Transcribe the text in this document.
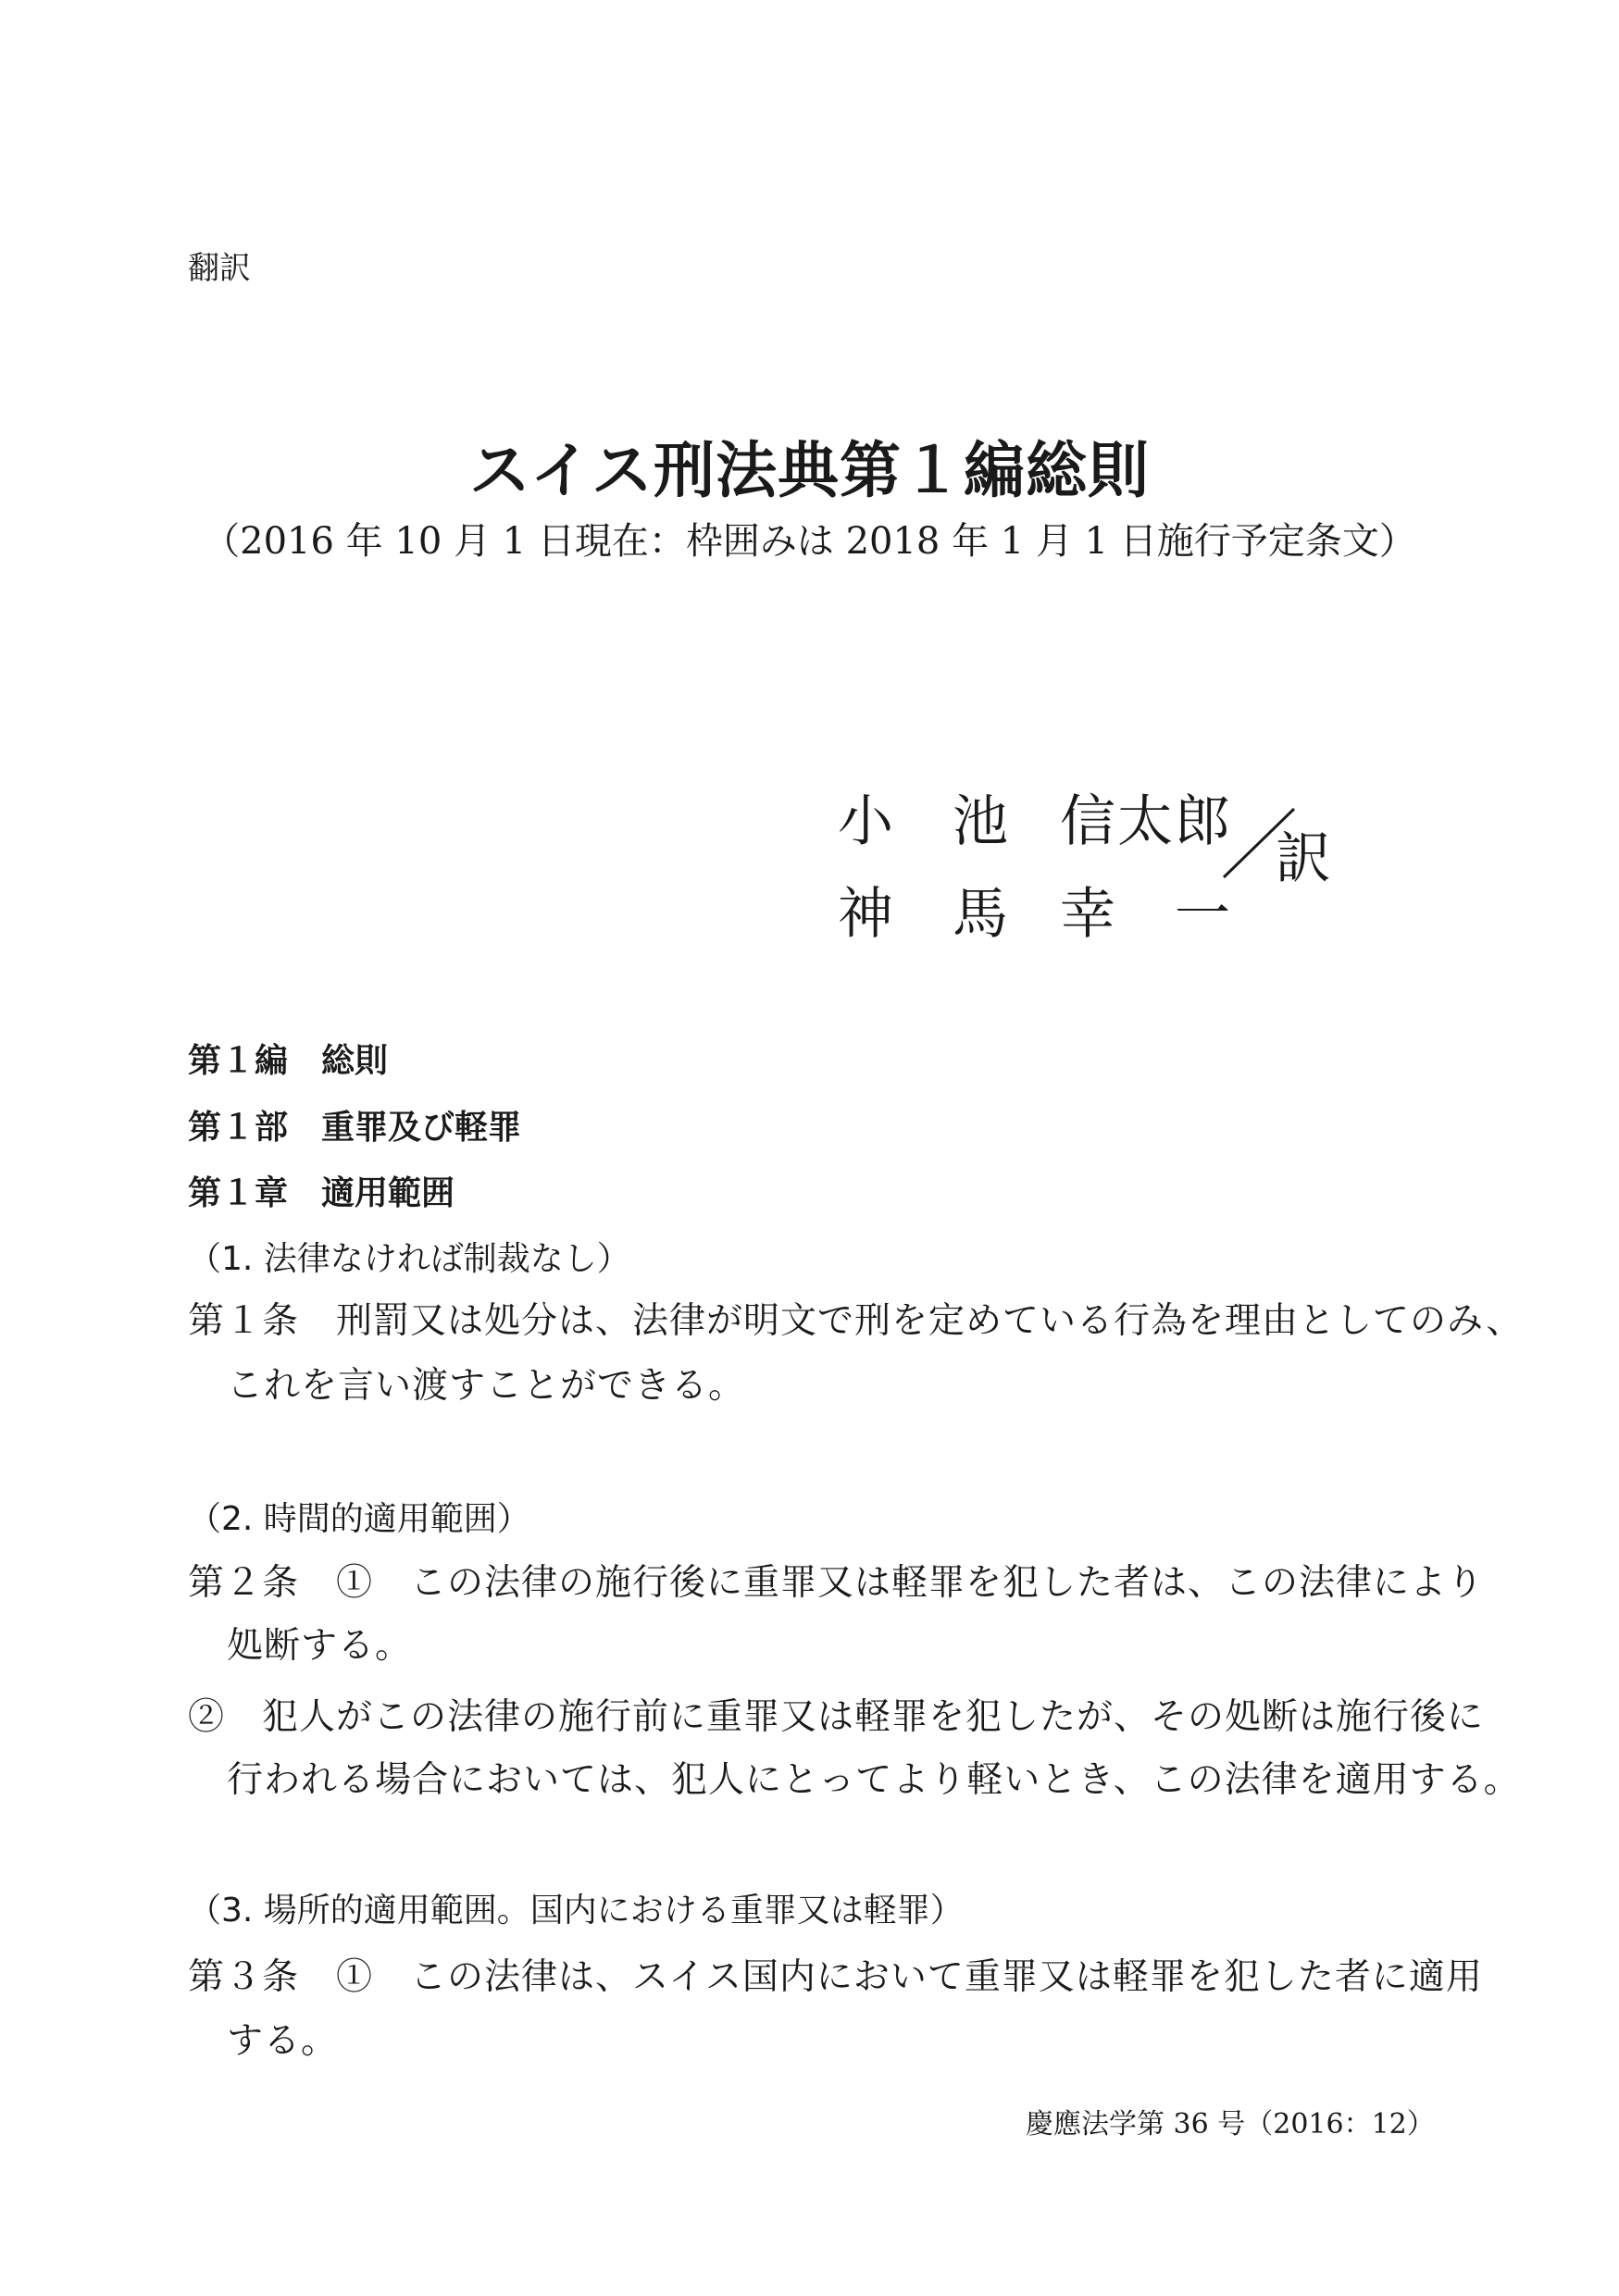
翻訳
スイス刑法典第１編総則
（2016 年 10 月 1 日現在：枠囲みは 2018 年 1 月 1 日施行予定条文）
小　池 信太郎
神　馬 幸　一
訳
第１編　総則
第１部　重罪及び軽罪
第１章　適用範囲
（1. 法律なければ制裁なし）
第１条　刑罰又は処分は、法律が明文で刑を定めている行為を理由としてのみ、
これを言い渡すことができる。
（2. 時間的適用範囲）
第２条　①　この法律の施行後に重罪又は軽罪を犯した者は、この法律により
処断する。
②　犯人がこの法律の施行前に重罪又は軽罪を犯したが、その処断は施行後に
行われる場合においては、犯人にとってより軽いとき、この法律を適用する。
（3. 場所的適用範囲。国内における重罪又は軽罪）
第３条　①　この法律は、スイス国内において重罪又は軽罪を犯した者に適用
する。
慶應法学第 36 号（2016：12）
